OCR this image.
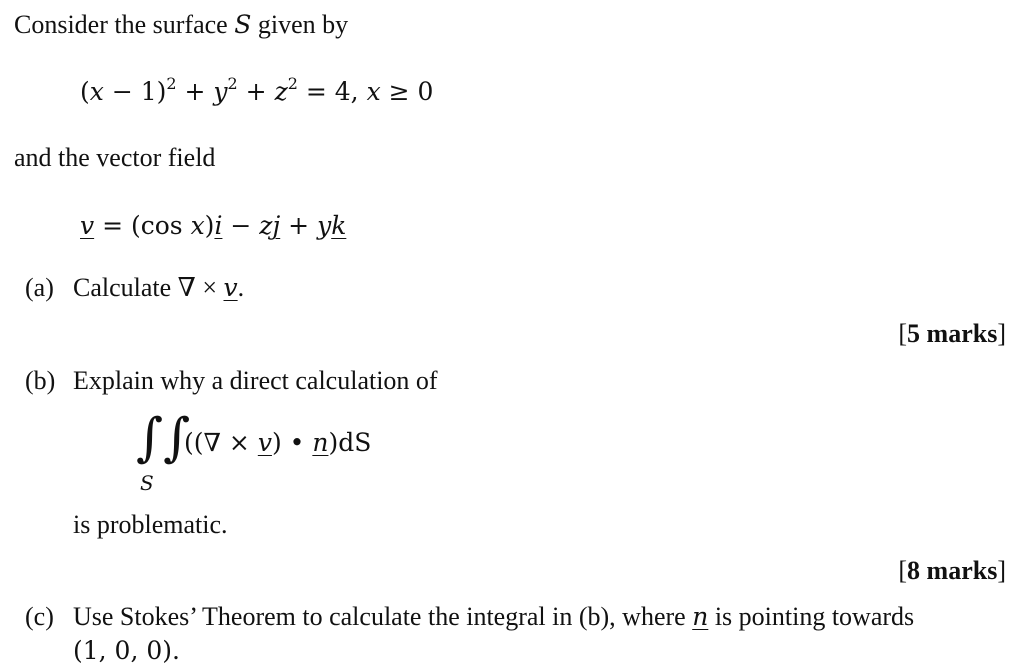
Consider the surface S given by
$(x - 1)^2 + y^2 + z^2 = 4$, x ≥ 0
and the vector field
v = (cos x)i − zj + yk
(a) Calculate ∇ × v.
[5 marks]
(b) Explain why a direct calculation of
∫∫
S
((∇ × v) • n)dS
is problematic.
[8 marks]
(c) Use Stokes’ Theorem to calculate the integral in (b), where n is pointing towards
(1, 0, 0).
